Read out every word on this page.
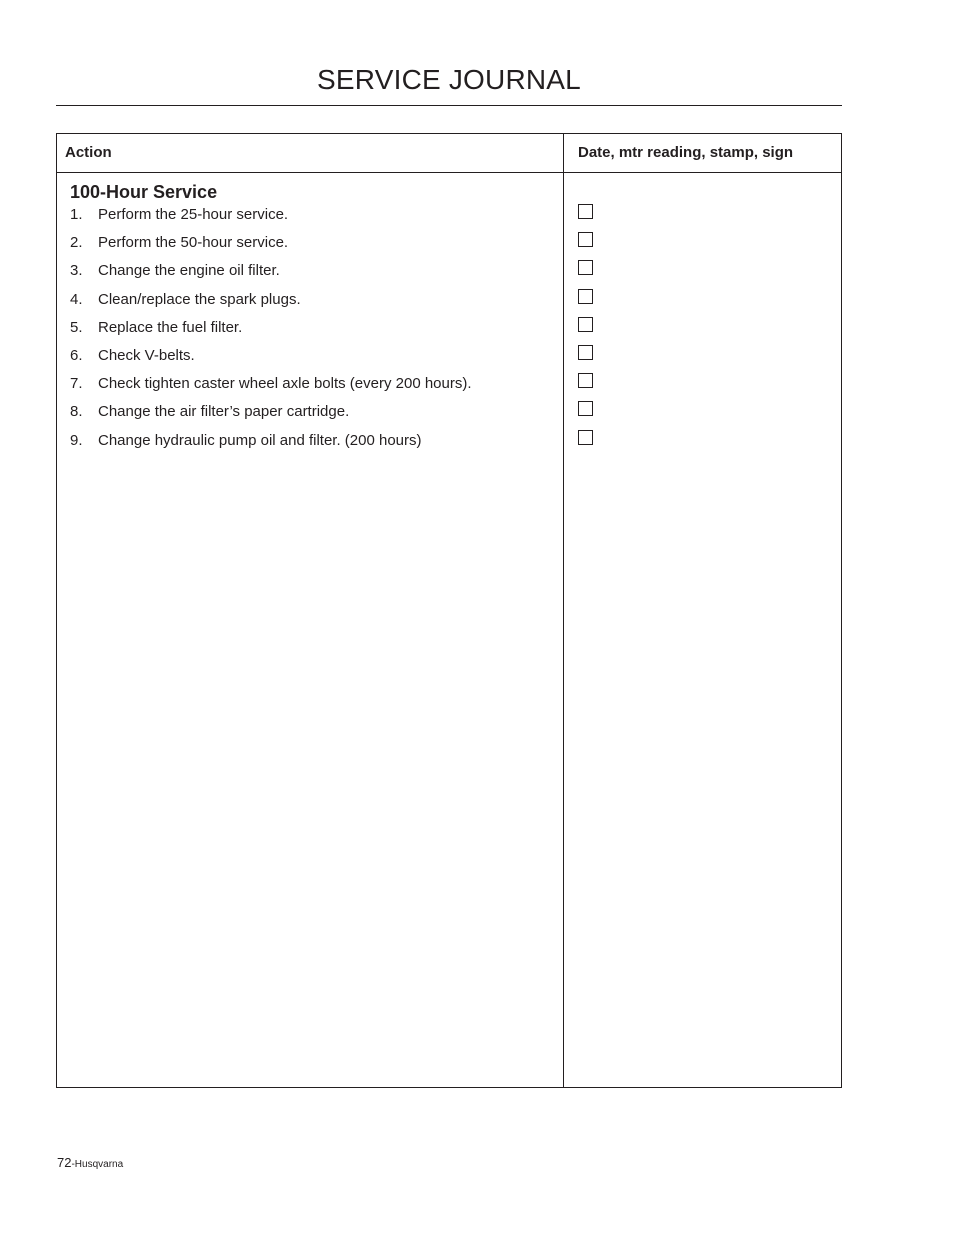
SERVICE JOURNAL
Action	Date, mtr reading, stamp, sign
100-Hour Service
1. Perform the 25-hour service.
2. Perform the 50-hour service.
3. Change the engine oil filter.
4. Clean/replace the spark plugs.
5. Replace the fuel filter.
6. Check V-belts.
7. Check tighten caster wheel axle bolts (every 200 hours).
8. Change the air filter’s paper cartridge.
9. Change hydraulic pump oil and filter. (200 hours)
72-Husqvarna
